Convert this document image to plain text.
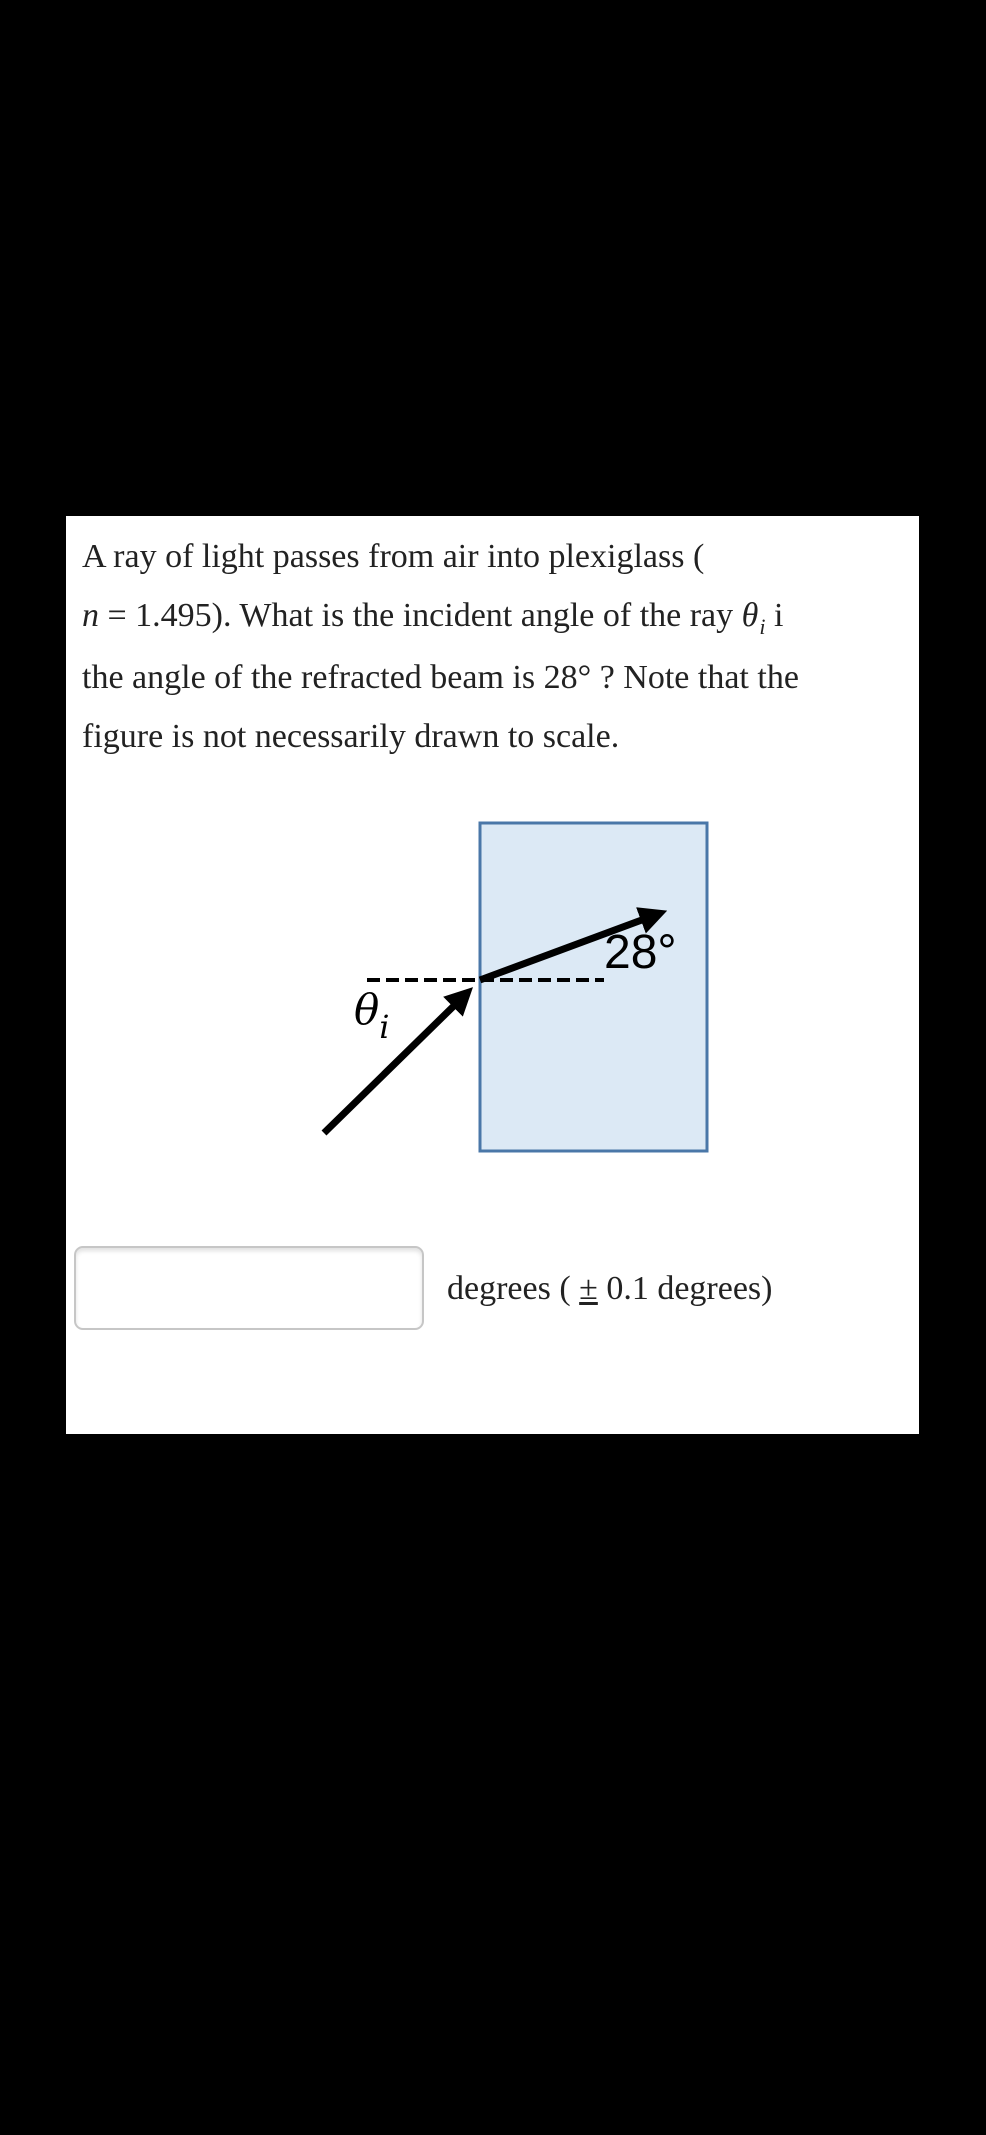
A ray of light passes from air into plexiglass (
n = 1.495). What is the incident angle of the ray $\theta_i$ i
the angle of the refracted beam is 28° ? Note that the
figure is not necessarily drawn to scale.
28°
$\theta_i$
degrees ( ± 0.1 degrees)
